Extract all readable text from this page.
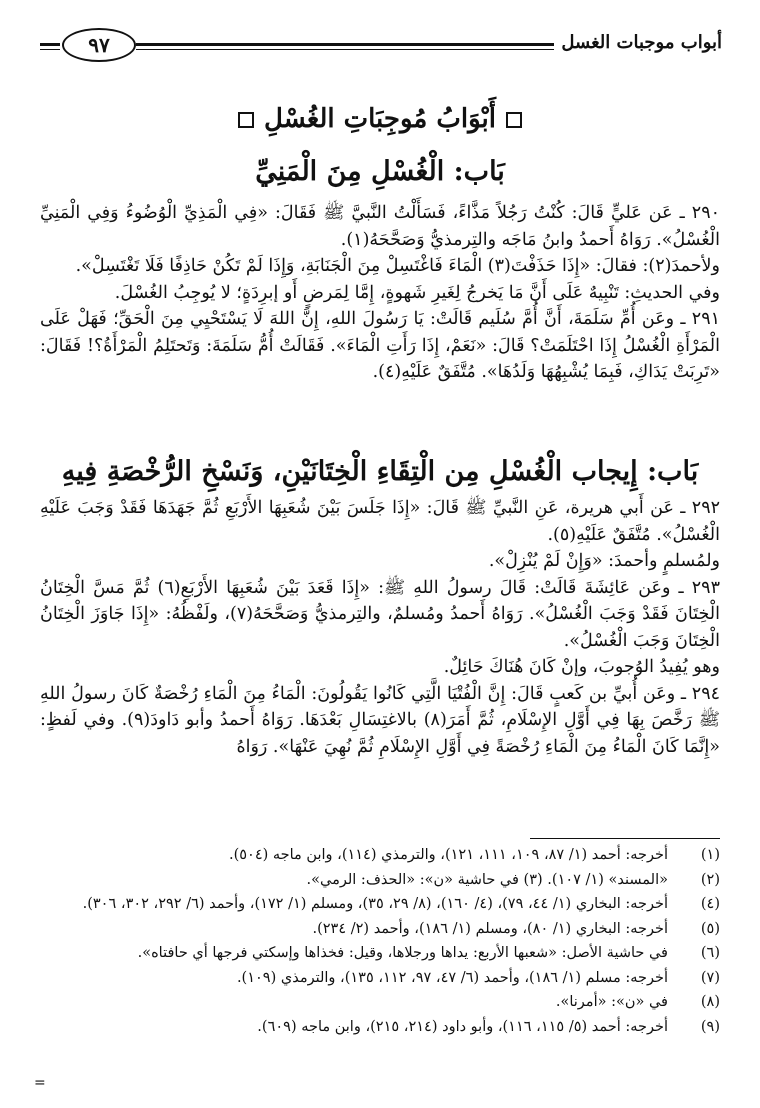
أبواب موجبات الغسل
٩٧
أَبْوَابُ مُوجِبَاتِ الغُسْلِ
بَاب: الْغُسْلِ مِنَ الْمَنِيِّ

٢٩٠ ـ عَن عَليٍّ قَالَ: كُنْتُ رَجُلاً مَذَّاءً، فَسَأَلْتُ النَّبيَّ ﷺ فَقَالَ: «فِي الْمَذِيِّ الْوُضُوءُ وَفِي الْمَنِيِّ الْغُسْلُ». رَوَاهُ أَحمدُ وابنُ مَاجَه والتِرمذيُّ وَصَحَّحَهُ(١).

ولأحمدَ(٢): فقالَ: «إِذَا حَذَفْتَ(٣) الْمَاءَ فَاغْتَسِلْ مِنَ الْجَنَابَةِ، وَإِذَا لَمْ تَكُنْ حَاذِفًا فَلَا تَغْتَسِلْ».

وفي الحديثِ: تَنْبِيهٌ عَلَى أَنَّ مَا يَخرجُ لِغَيرِ شَهوةٍ، إِمَّا لِمَرضٍ أَو إبرِدَةٍ؛ لا يُوجِبُ الغُسْلَ.

٢٩١ ـ وعَن أُمِّ سَلَمَةَ، أَنَّ أُمَّ سُلَيم قَالَتْ: يَا رَسُولَ اللهِ، إِنَّ اللهَ لَا يَسْتَحْيِي مِنَ الْحَقِّ؛ فَهَلْ عَلَى الْمَرْأَةِ الْغُسْلُ إِذَا احْتَلَمَتْ؟ قَالَ: «نَعَمْ، إِذَا رَأَتِ الْمَاءَ». فَقَالَتْ أُمُّ سَلَمَةَ: وَتَحتَلِمُ الْمَرْأَةُ؟! فَقَالَ: «تَرِبَتْ يَدَاكِ، فَبِمَا يُشْبِهُهَا وَلَدُهَا». مُتَّفَقٌ عَلَيْهِ(٤).

بَاب: إِيجاب الْغُسْلِ مِن الْتِقَاءِ الْخِتَانَيْنِ، وَنَسْخِ الرُّخْصَةِ فِيهِ

٢٩٢ ـ عَن أَبي هريرة، عَنِ النَّبيِّ ﷺ قَالَ: «إِذَا جَلَسَ بَيْنَ شُعَبِهَا الأَرْبَعِ ثُمَّ جَهَدَهَا فَقَدْ وَجَبَ عَلَيْهِ الْغُسْلُ». مُتَّفَقٌ عَلَيْهِ(٥).

ولمُسلمٍ وأحمدَ: «وَإِنْ لَمْ يُنْزِلْ».

٢٩٣ ـ وعَن عَائِشَةَ قَالَتْ: قَالَ رسولُ اللهِ ﷺ: «إِذَا قَعَدَ بَيْنَ شُعَبِهَا الأَرْبَعِ(٦) ثُمَّ مَسَّ الْخِتَانُ الْخِتَانَ فَقَدْ وَجَبَ الْغُسْلُ». رَوَاهُ أَحمدُ ومُسلمٌ، والتِرمذيُّ وَصَحَّحَهُ(٧)، ولَفْظُهُ: «إِذَا جَاوَزَ الْخِتَانُ الْخِتَانَ وَجَبَ الْغُسْلُ».

وهو يُفِيدُ الوُجوبَ، وإنْ كَانَ هُنَاكَ حَائِلٌ.

٢٩٤ ـ وعَن أُبيِّ بن كَعبٍ قَالَ: إِنَّ الْفُتْيَا الَّتِي كَانُوا يَقُولُونَ: الْمَاءُ مِنَ الْمَاءِ رُخْصَةٌ كَانَ رسولُ اللهِ ﷺ رَخَّصَ بِهَا فِي أَوَّلِ الإِسْلَامِ، ثُمَّ أَمَرَ(٨) بالاغتِسَالِ بَعْدَهَا. رَوَاهُ أَحمدُ وأبو دَاودَ(٩). وفي لَفظٍ: «إِنَّمَا كَانَ الْمَاءُ مِنَ الْمَاءِ رُخْصَةً فِي أَوَّلِ الإِسْلَامِ ثُمَّ نُهِيَ عَنْهَا». رَوَاهُ

(١)
أخرجه: أحمد (١/ ٨٧، ١٠٩، ١١١، ١٢١)، والترمذي (١١٤)، وابن ماجه (٥٠٤).
(٢)
«المسند» (١/ ١٠٧). (٣) في حاشية «ن»: «الحذف: الرمي».
(٤)
أخرجه: البخاري (١/ ٤٤، ٧٩)، (٤/ ١٦٠)، (٨/ ٢٩، ٣٥)، ومسلم (١/ ١٧٢)، وأحمد (٦/ ٢٩٢، ٣٠٢، ٣٠٦).
(٥)
أخرجه: البخاري (١/ ٨٠)، ومسلم (١/ ١٨٦)، وأحمد (٢/ ٢٣٤).
(٦)
في حاشية الأصل: «شعبها الأربع: يداها ورجلاها، وقيل: فخذاها وإسكتي فرجها أي حافتاه».
(٧)
أخرجه: مسلم (١/ ١٨٦)، وأحمد (٦/ ٤٧، ٩٧، ١١٢، ١٣٥)، والترمذي (١٠٩).
(٨)
في «ن»: «أمرنا».
(٩)
أخرجه: أحمد (٥/ ١١٥، ١١٦)، وأبو داود (٢١٤، ٢١٥)، وابن ماجه (٦٠٩).
=
